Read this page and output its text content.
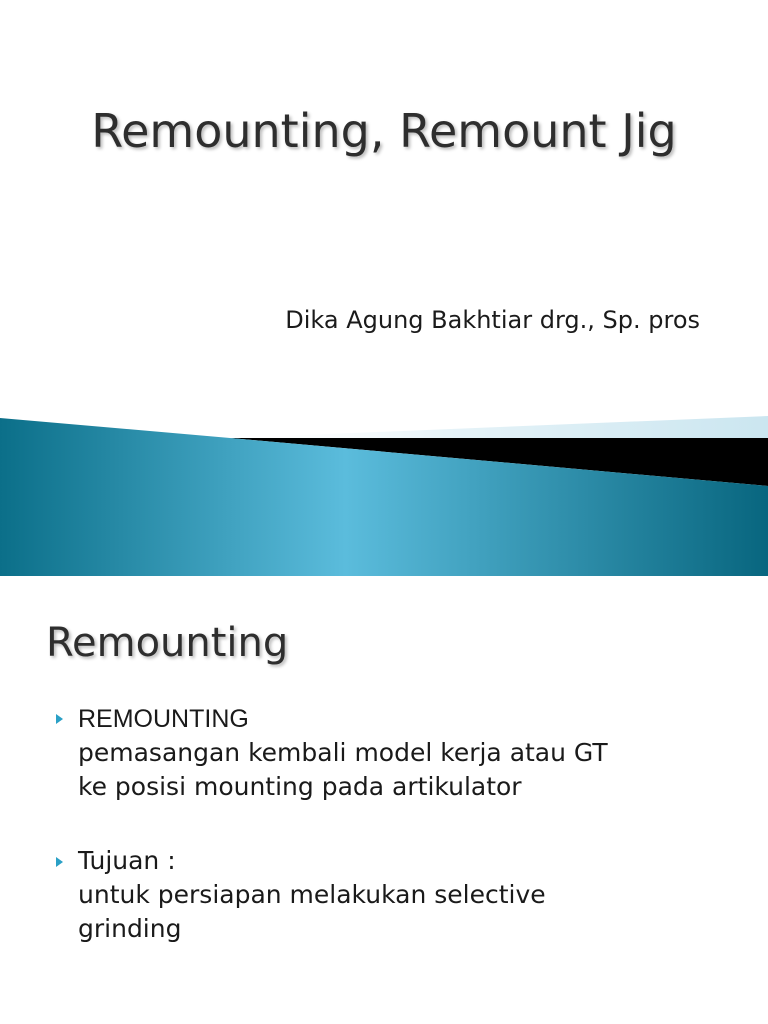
Remounting, Remount Jig
Dika Agung Bakhtiar drg., Sp. pros
Remounting
REMOUNTING
pemasangan kembali model kerja atau GT
ke posisi mounting pada artikulator
Tujuan :
untuk persiapan melakukan selective
grinding
